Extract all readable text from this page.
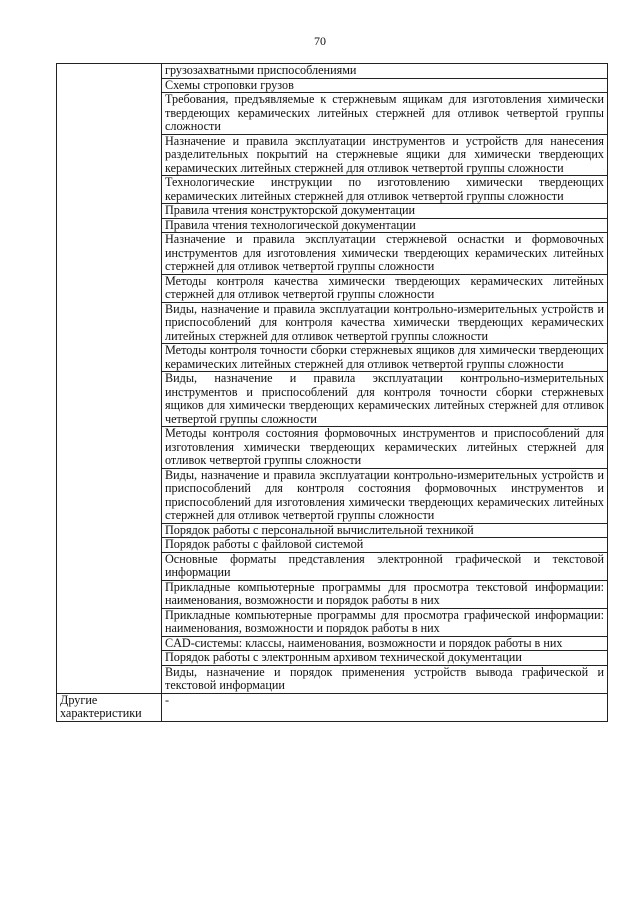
70
	грузозахватными приспособлениями
	Схемы строповки грузов
	Требования, предъявляемые к стержневым ящикам для изготовления химически твердеющих керамических литейных стержней для отливок четвертой группы сложности
	Назначение и правила эксплуатации инструментов и устройств для нанесения разделительных покрытий на стержневые ящики для химически твердеющих керамических литейных стержней для отливок четвертой группы сложности
	Технологические инструкции по изготовлению химически твердеющих керамических литейных стержней для отливок четвертой группы сложности
	Правила чтения конструкторской документации
	Правила чтения технологической документации
	Назначение и правила эксплуатации стержневой оснастки и формовочных инструментов для изготовления химически твердеющих керамических литейных стержней для отливок четвертой группы сложности
	Методы контроля качества химически твердеющих керамических литейных стержней для отливок четвертой группы сложности
	Виды, назначение и правила эксплуатации контрольно-измерительных устройств и приспособлений для контроля качества химически твердеющих керамических литейных стержней для отливок четвертой группы сложности
	Методы контроля точности сборки стержневых ящиков для химически твердеющих керамических литейных стержней для отливок четвертой группы сложности
	Виды, назначение и правила эксплуатации контрольно-измерительных инструментов и приспособлений для контроля точности сборки стержневых ящиков для химически твердеющих керамических литейных стержней для отливок четвертой группы сложности
	Методы контроля состояния формовочных инструментов и приспособлений для изготовления химически твердеющих керамических литейных стержней для отливок четвертой группы сложности
	Виды, назначение и правила эксплуатации контрольно-измерительных устройств и приспособлений для контроля состояния формовочных инструментов и приспособлений для изготовления химически твердеющих керамических литейных стержней для отливок четвертой группы сложности
	Порядок работы с персональной вычислительной техникой
	Порядок работы с файловой системой
	Основные форматы представления электронной графической и текстовой информации
	Прикладные компьютерные программы для просмотра текстовой информации: наименования, возможности и порядок работы в них
	Прикладные компьютерные программы для просмотра графической информации: наименования, возможности и порядок работы в них
	CAD-системы: классы, наименования, возможности и порядок работы в них
	Порядок работы с электронным архивом технической документации
	Виды, назначение и порядок применения устройств вывода графической и текстовой информации
Другие характеристики	-
